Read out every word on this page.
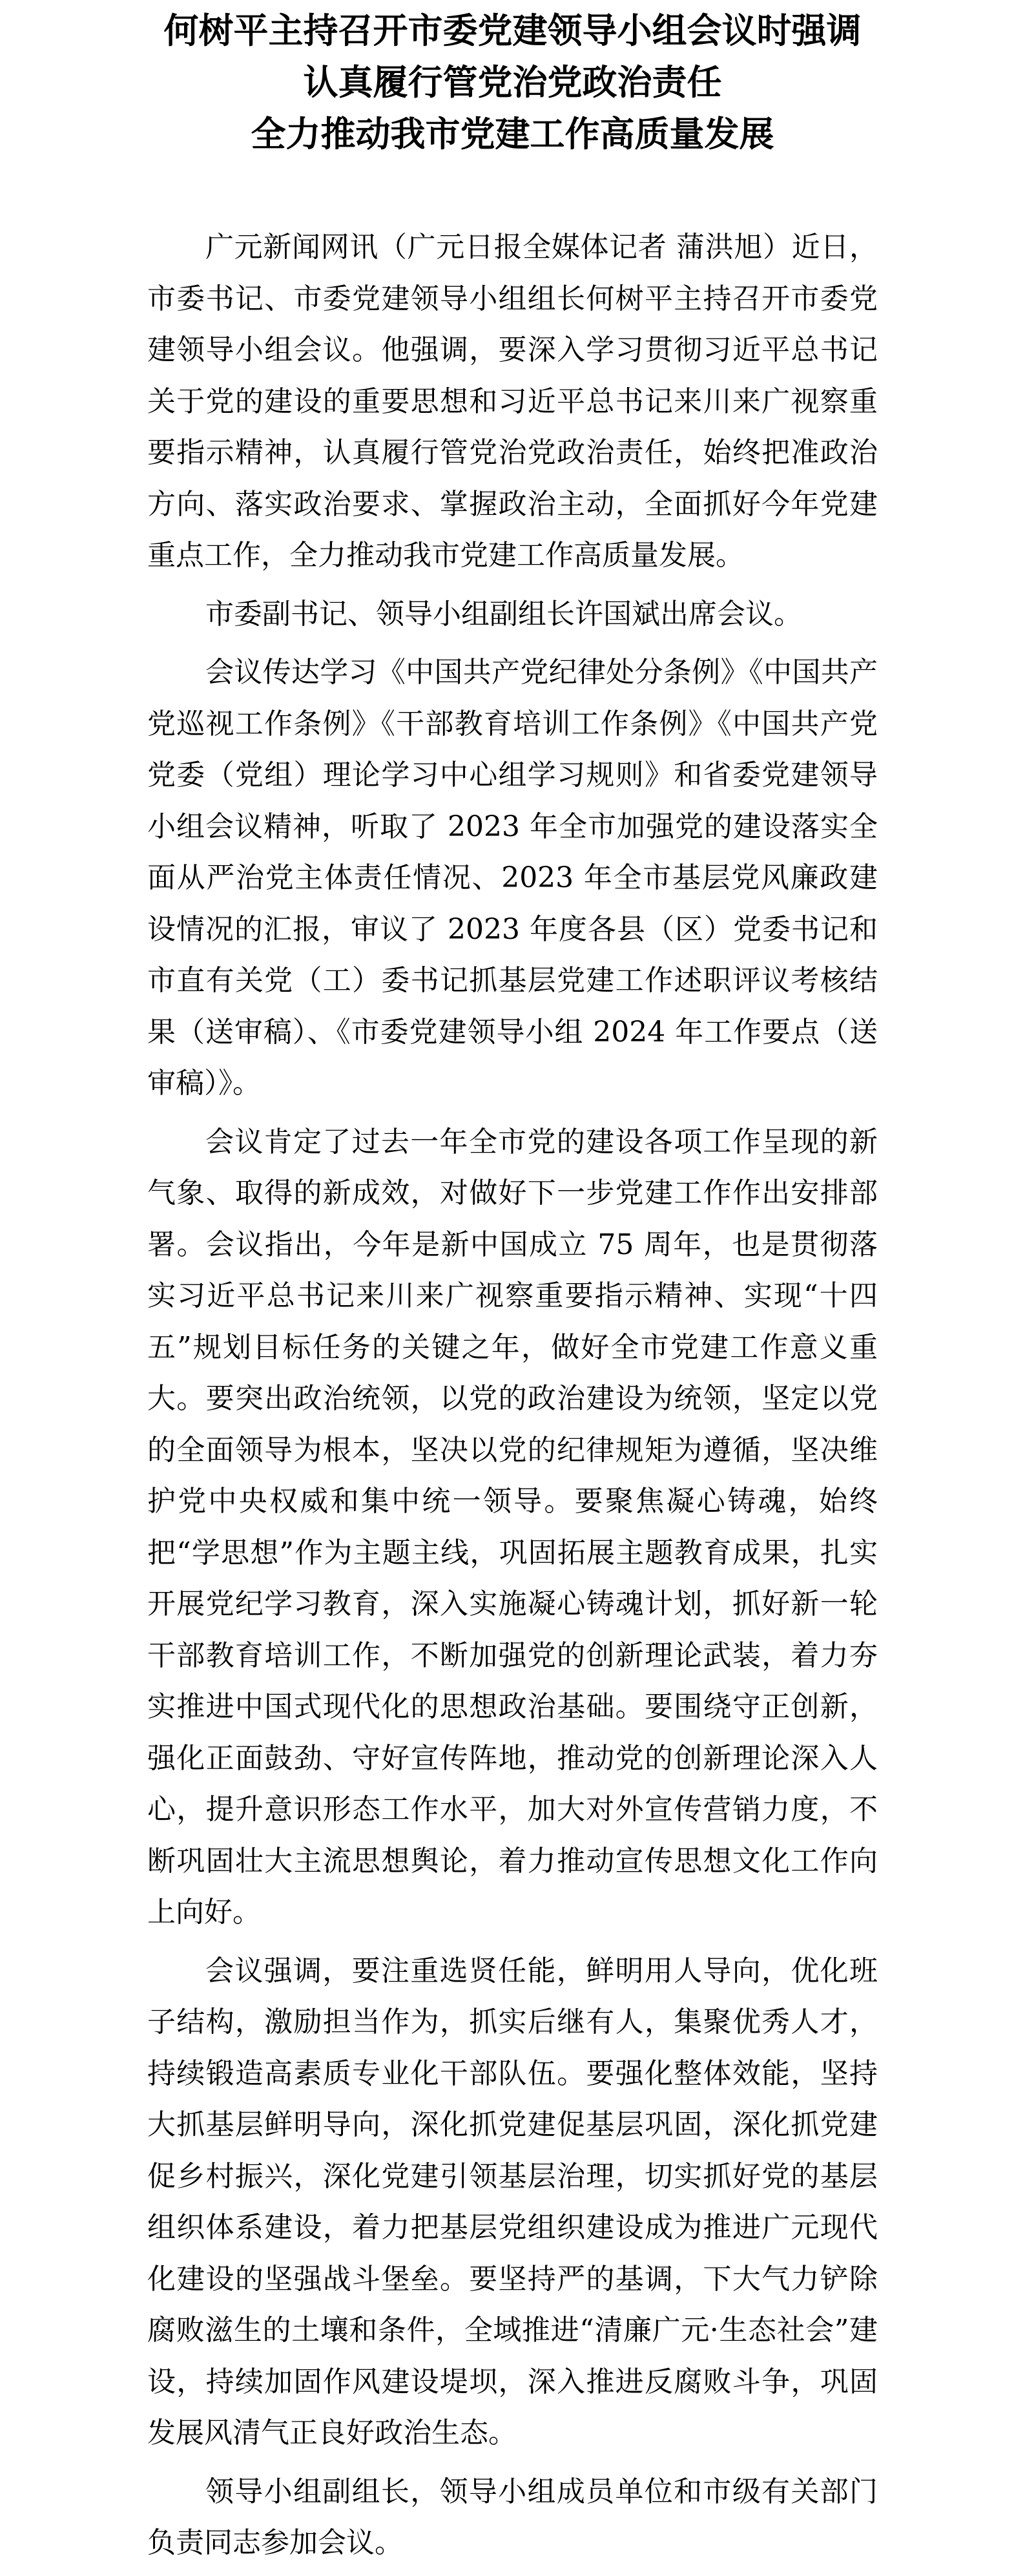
何树平主持召开市委党建领导小组会议时强调
认真履行管党治党政治责任
全力推动我市党建工作高质量发展

广元新闻网讯（广元日报全媒体记者 蒲洪旭）近日，市委书记、市委党建领导小组组长何树平主持召开市委党建领导小组会议。他强调，要深入学习贯彻习近平总书记关于党的建设的重要思想和习近平总书记来川来广视察重要指示精神，认真履行管党治党政治责任，始终把准政治方向、落实政治要求、掌握政治主动，全面抓好今年党建重点工作，全力推动我市党建工作高质量发展。

市委副书记、领导小组副组长许国斌出席会议。

会议传达学习《中国共产党纪律处分条例》《中国共产党巡视工作条例》《干部教育培训工作条例》《中国共产党党委（党组）理论学习中心组学习规则》和省委党建领导小组会议精神，听取了 2023 年全市加强党的建设落实全面从严治党主体责任情况、2023 年全市基层党风廉政建设情况的汇报，审议了 2023 年度各县（区）党委书记和市直有关党（工）委书记抓基层党建工作述职评议考核结果（送审稿）、《市委党建领导小组 2024 年工作要点（送审稿）》。

会议肯定了过去一年全市党的建设各项工作呈现的新气象、取得的新成效，对做好下一步党建工作作出安排部署。会议指出，今年是新中国成立 75 周年，也是贯彻落实习近平总书记来川来广视察重要指示精神、实现“十四五”规划目标任务的关键之年，做好全市党建工作意义重大。要突出政治统领，以党的政治建设为统领，坚定以党的全面领导为根本，坚决以党的纪律规矩为遵循，坚决维护党中央权威和集中统一领导。要聚焦凝心铸魂，始终把“学思想”作为主题主线，巩固拓展主题教育成果，扎实开展党纪学习教育，深入实施凝心铸魂计划，抓好新一轮干部教育培训工作，不断加强党的创新理论武装，着力夯实推进中国式现代化的思想政治基础。要围绕守正创新，强化正面鼓劲、守好宣传阵地，推动党的创新理论深入人心，提升意识形态工作水平，加大对外宣传营销力度，不断巩固壮大主流思想舆论，着力推动宣传思想文化工作向上向好。

会议强调，要注重选贤任能，鲜明用人导向，优化班子结构，激励担当作为，抓实后继有人，集聚优秀人才，持续锻造高素质专业化干部队伍。要强化整体效能，坚持大抓基层鲜明导向，深化抓党建促基层巩固，深化抓党建促乡村振兴，深化党建引领基层治理，切实抓好党的基层组织体系建设，着力把基层党组织建设成为推进广元现代化建设的坚强战斗堡垒。要坚持严的基调，下大气力铲除腐败滋生的土壤和条件，全域推进“清廉广元·生态社会”建设，持续加固作风建设堤坝，深入推进反腐败斗争，巩固发展风清气正良好政治生态。

领导小组副组长，领导小组成员单位和市级有关部门负责同志参加会议。
